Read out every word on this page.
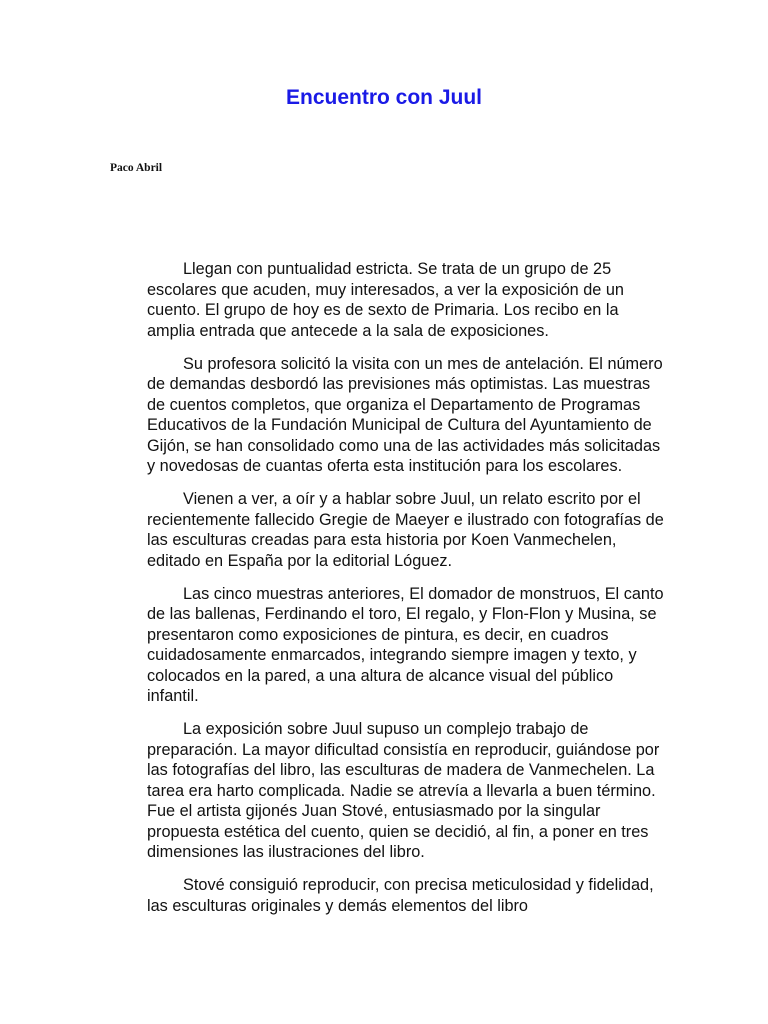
Encuentro con Juul
Paco Abril

Llegan con puntualidad estricta. Se trata de un grupo de 25 escolares que acuden, muy interesados, a ver la exposición de un cuento. El grupo de hoy es de sexto de Primaria. Los recibo en la amplia entrada que antecede a la sala de exposiciones.

Su profesora solicitó la visita con un mes de antelación. El número de demandas desbordó las previsiones más optimistas. Las muestras de cuentos completos, que organiza el Departamento de Programas Educativos de la Fundación Municipal de Cultura del Ayuntamiento de Gijón, se han consolidado como una de las actividades más solicitadas y novedosas de cuantas oferta esta institución para los escolares.

Vienen a ver, a oír y a hablar sobre Juul, un relato escrito por el recientemente fallecido Gregie de Maeyer e ilustrado con fotografías de las esculturas creadas para esta historia por Koen Vanmechelen, editado en España por la editorial Lóguez.

Las cinco muestras anteriores, El domador de monstruos, El canto de las ballenas, Ferdinando el toro, El regalo, y Flon-Flon y Musina, se presentaron como exposiciones de pintura, es decir, en cuadros cuidadosamente enmarcados, integrando siempre imagen y texto, y colocados en la pared, a una altura de alcance visual del público infantil.

La exposición sobre Juul supuso un complejo trabajo de preparación. La mayor dificultad consistía en reproducir, guiándose por las fotografías del libro, las esculturas de madera de Vanmechelen. La tarea era harto complicada. Nadie se atrevía a llevarla a buen término. Fue el artista gijonés Juan Stové, entusiasmado por la singular propuesta estética del cuento, quien se decidió, al fin, a poner en tres dimensiones las ilustraciones del libro.

Stové consiguió reproducir, con precisa meticulosidad y fidelidad, las esculturas originales y demás elementos del libro
